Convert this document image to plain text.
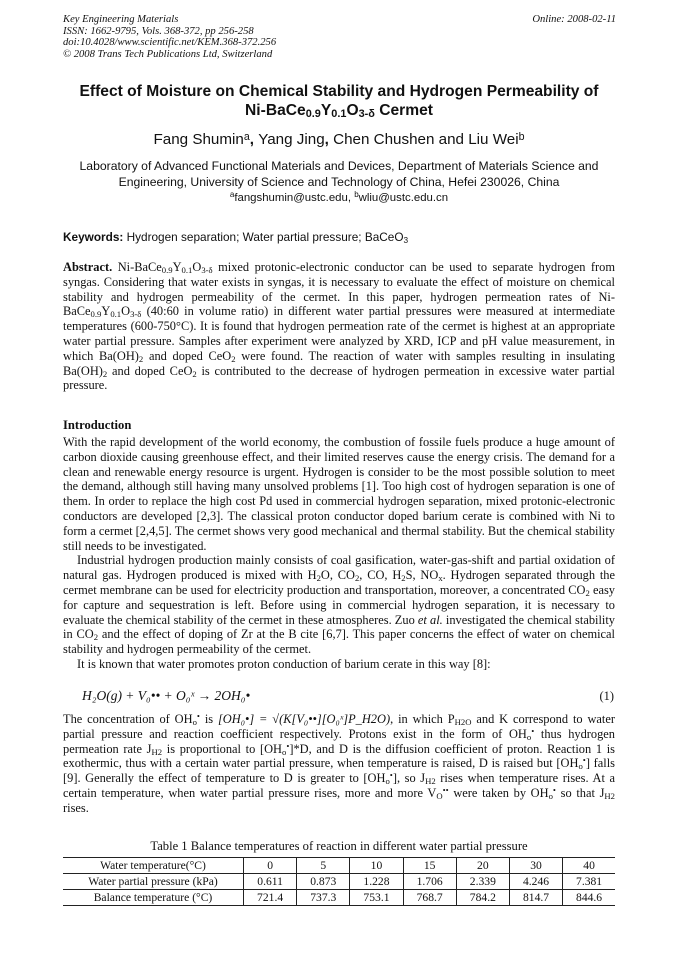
Key Engineering Materials
ISSN: 1662-9795, Vols. 368-372, pp 256-258
doi:10.4028/www.scientific.net/KEM.368-372.256
© 2008 Trans Tech Publications Ltd, Switzerland
Online: 2008-02-11
Effect of Moisture on Chemical Stability and Hydrogen Permeability of
$Ni-BaCe_{0.9}Y_{0.1}O_{3-\delta}$ Cermet
Fang Shumin$^a$, Yang Jing, Chen Chushen and Liu Wei$^b$
Laboratory of Advanced Functional Materials and Devices, Department of Materials Science and
Engineering, University of Science and Technology of China, Hefei 230026, China
$^a$fangshumin@ustc.edu, $^b$wliu@ustc.edu.cn
Keywords: Hydrogen separation; Water partial pressure; BaCeO$_3$
Abstract. $Ni-BaCe_{0.9}Y_{0.1}O_{3-\delta}$ mixed protonic-electronic conductor can be used to separate hydrogen from syngas. Considering that water exists in syngas, it is necessary to evaluate the effect of moisture on chemical stability and hydrogen permeability of the cermet. In this paper, hydrogen permeation rates of Ni- $BaCe_{0.9}Y_{0.1}O_{3-\delta}$ (40:60 in volume ratio) in different water partial pressures were measured at intermediate temperatures (600-750°C). It is found that hydrogen permeation rate of the cermet is highest at an appropriate water partial pressure. Samples after experiment were analyzed by XRD, ICP and pH value measurement, in which $Ba(OH)_2$ and doped CeO$_2$ were found. The reaction of water with samples resulting in insulating $Ba(OH)_2$ and doped CeO$_2$ is contributed to the decrease of hydrogen permeation in excessive water partial pressure.
Introduction

With the rapid development of the world economy, the combustion of fossile fuels produce a huge amount of carbon dioxide causing greenhouse effect, and their limited reserves cause the energy crisis. The demand for a clean and renewable energy resource is urgent. Hydrogen is consider to be the most possible solution to meet the demand, although still having many unsolved problems [1]. Too high cost of hydrogen separation is one of them. In order to replace the high cost Pd used in commercial hydrogen separation, mixed protonic-electronic conductors are developed [2,3]. The classical proton conductor doped barium cerate is combined with Ni to form a cermet [2,4,5]. The cermet shows very good mechanical and thermal stability. But the chemical stability still needs to be investigated.

Industrial hydrogen production mainly consists of coal gasification, water-gas-shift and partial oxidation of natural gas. Hydrogen produced is mixed with $H_2O$, $CO_2$, CO, $H_2S$, $NO_x$. Hydrogen separated through the cermet membrane can be used for electricity production and transportation, moreover, a concentrated $CO_2$ easy for capture and sequestration is left. Before using in commercial hydrogen separation, it is necessary to evaluate the chemical stability of the cermet in these atmospheres. Zuo et al. investigated the chemical stability in $CO_2$ and the effect of doping of Zr at the B cite [6,7]. This paper concerns the effect of water on chemical stability and hydrogen permeability of the cermet.

It is known that water promotes proton conduction of barium cerate in this way [8]:

H₂O(g) + V₀•• + O₀ˣ → 2OH₀•	(1)
The concentration of $OH_o^•$ is [OH₀•] = √(K[V₀••][O₀ˣ]P_H2O), in which $P_{H2O}$ and K correspond to water partial pressure and reaction coefficient respectively. Protons exist in the form of $OH_o^•$ thus hydrogen permeation rate $J_{H2}$ is proportional to $[OH_o^•]*D$, and D is the diffusion coefficient of proton. Reaction 1 is exothermic, thus with a certain water partial pressure, when temperature is raised, D is raised but $[OH_o^•]$ falls [9]. Generally the effect of temperature to D is greater to $[OH_o^•]$, so $J_{H2}$ rises when temperature rises. At a certain temperature, when water partial pressure rises, more and more $V_O^{••}$ were taken by $OH_o^•$ so that $J_{H2}$ rises.
Table 1 Balance temperatures of reaction in different water partial pressure
Water temperature(°C)	0	5	10	15	20	30	40
Water partial pressure (kPa)	0.611	0.873	1.228	1.706	2.339	4.246	7.381
Balance temperature (°C)	721.4	737.3	753.1	768.7	784.2	814.7	844.6
